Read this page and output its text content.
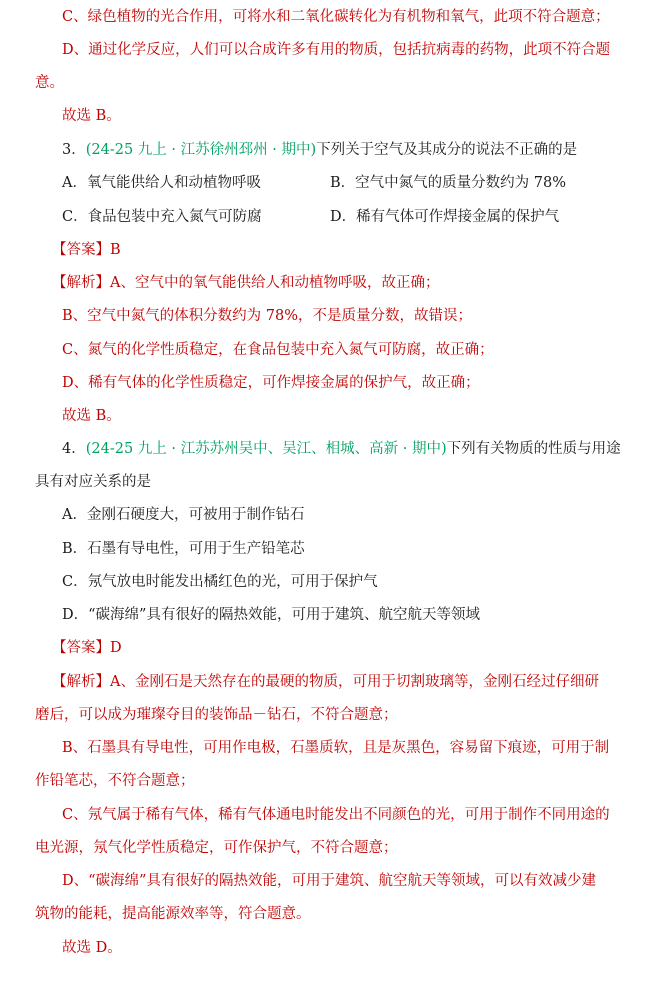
C、绿色植物的光合作用，可将水和二氧化碳转化为有机物和氧气，此项不符合题意；
D、通过化学反应，人们可以合成许多有用的物质，包括抗病毒的药物，此项不符合题
意。
故选 B。
3．(24-25 九上 · 江苏徐州邳州 · 期中)下列关于空气及其成分的说法不正确的是
A．氧气能供给人和动植物呼吸	B．空气中氮气的质量分数约为 78%
C．食品包装中充入氮气可防腐	D．稀有气体可作焊接金属的保护气
【答案】B
【解析】A、空气中的氧气能供给人和动植物呼吸，故正确；
B、空气中氮气的体积分数约为 78%，不是质量分数，故错误；
C、氮气的化学性质稳定，在食品包装中充入氮气可防腐，故正确；
D、稀有气体的化学性质稳定，可作焊接金属的保护气，故正确；
故选 B。
4．(24-25 九上 · 江苏苏州吴中、吴江、相城、高新 · 期中)下列有关物质的性质与用途
具有对应关系的是
A．金刚石硬度大，可被用于制作钻石
B．石墨有导电性，可用于生产铅笔芯
C．氖气放电时能发出橘红色的光，可用于保护气
D．“碳海绵”具有很好的隔热效能，可用于建筑、航空航天等领域
【答案】D
【解析】A、金刚石是天然存在的最硬的物质，可用于切割玻璃等，金刚石经过仔细研
磨后，可以成为璀璨夺目的装饰品－钻石，不符合题意；
B、石墨具有导电性，可用作电极，石墨质软，且是灰黑色，容易留下痕迹，可用于制
作铅笔芯，不符合题意；
C、氖气属于稀有气体，稀有气体通电时能发出不同颜色的光，可用于制作不同用途的
电光源，氖气化学性质稳定，可作保护气，不符合题意；
D、“碳海绵”具有很好的隔热效能，可用于建筑、航空航天等领域，可以有效减少建
筑物的能耗，提高能源效率等，符合题意。
故选 D。
